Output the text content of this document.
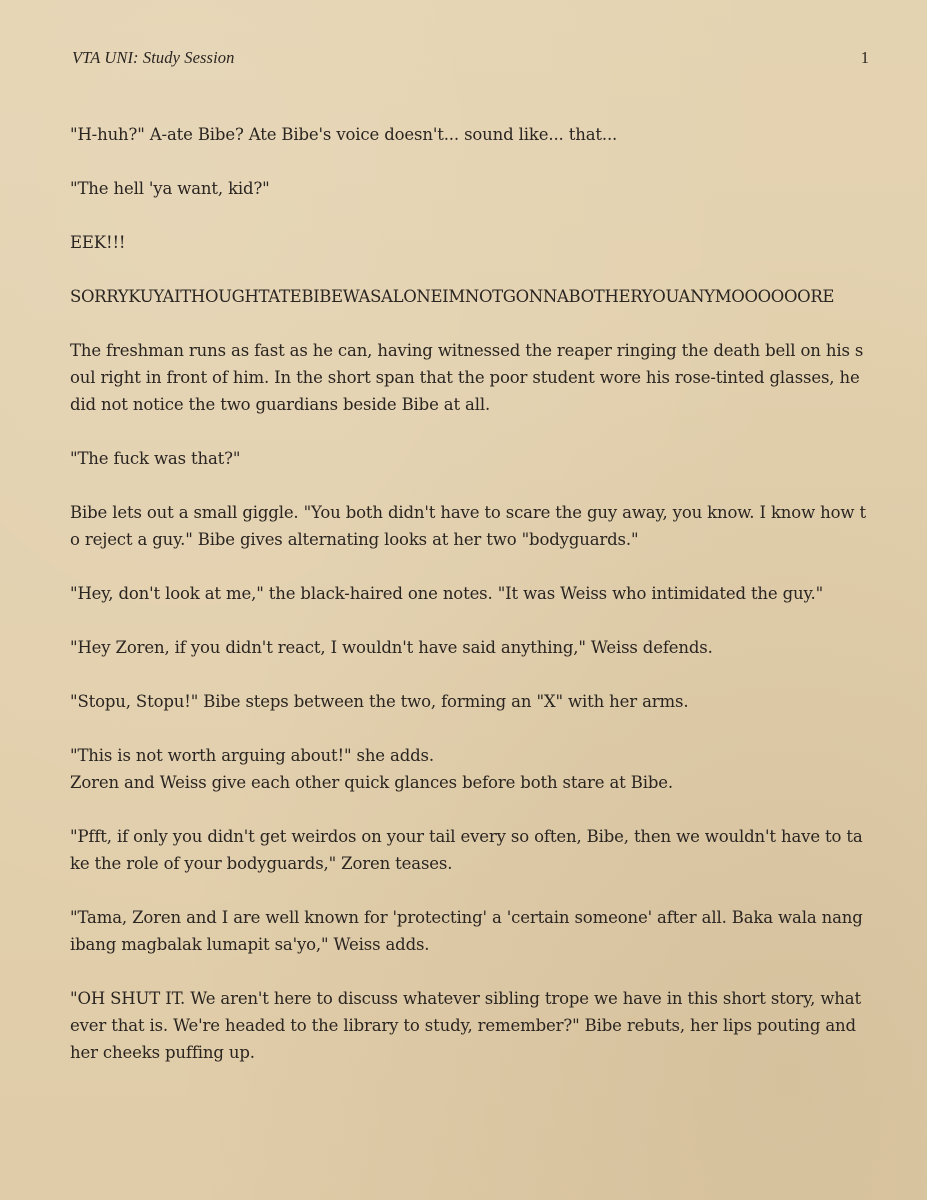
VTA UNI: Study Session	1

"H-huh?" A-ate Bibe? Ate Bibe's voice doesn't... sound like... that...

"The hell 'ya want, kid?"

EEK!!!

SORRYKUYAITHOUGHTATEBIBEWASALONEIMNOTGONNABOTHERYOUANYMOOOOOORE

The freshman runs as fast as he can, having witnessed the reaper ringing the death bell on his soul right in front of him. In the short span that the poor student wore his rose-tinted glasses, he did not notice the two guardians beside Bibe at all.

"The fuck was that?"

Bibe lets out a small giggle. "You both didn't have to scare the guy away, you know. I know how to reject a guy." Bibe gives alternating looks at her two "bodyguards."

"Hey, don't look at me," the black-haired one notes. "It was Weiss who intimidated the guy."

"Hey Zoren, if you didn't react, I wouldn't have said anything," Weiss defends.

"Stopu, Stopu!" Bibe steps between the two, forming an "X" with her arms.

"This is not worth arguing about!" she adds.

Zoren and Weiss give each other quick glances before both stare at Bibe.

"Pfft, if only you didn't get weirdos on your tail every so often, Bibe, then we wouldn't have to take the role of your bodyguards," Zoren teases.

"Tama, Zoren and I are well known for 'protecting' a 'certain someone' after all. Baka wala nang ibang magbalak lumapit sa'yo," Weiss adds.

"OH SHUT IT. We aren't here to discuss whatever sibling trope we have in this short story, whatever that is. We're headed to the library to study, remember?" Bibe rebuts, her lips pouting and her cheeks puffing up.
